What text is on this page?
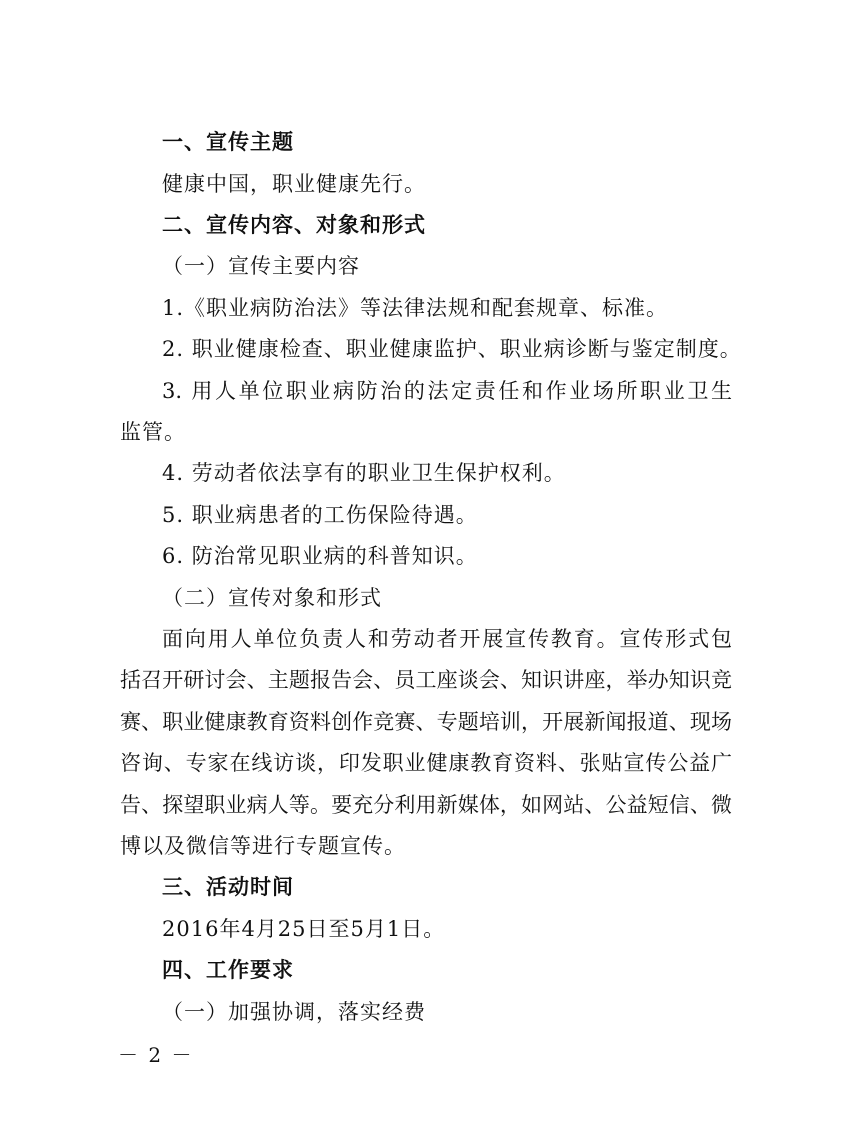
一、宣传主题
健康中国，职业健康先行。
二、宣传内容、对象和形式
（一）宣传主要内容
1.《职业病防治法》等法律法规和配套规章、标准。
2. 职业健康检查、职业健康监护、职业病诊断与鉴定制度。
3. 用人单位职业病防治的法定责任和作业场所职业卫生
监管。
4. 劳动者依法享有的职业卫生保护权利。
5. 职业病患者的工伤保险待遇。
6. 防治常见职业病的科普知识。
（二）宣传对象和形式
面向用人单位负责人和劳动者开展宣传教育。宣传形式包
括召开研讨会、主题报告会、员工座谈会、知识讲座，举办知识竞
赛、职业健康教育资料创作竞赛、专题培训，开展新闻报道、现场
咨询、专家在线访谈，印发职业健康教育资料、张贴宣传公益广
告、探望职业病人等。要充分利用新媒体，如网站、公益短信、微
博以及微信等进行专题宣传。
三、活动时间
2016年4月25日至5月1日。
四、工作要求
（一）加强协调，落实经费
－ 2 －
